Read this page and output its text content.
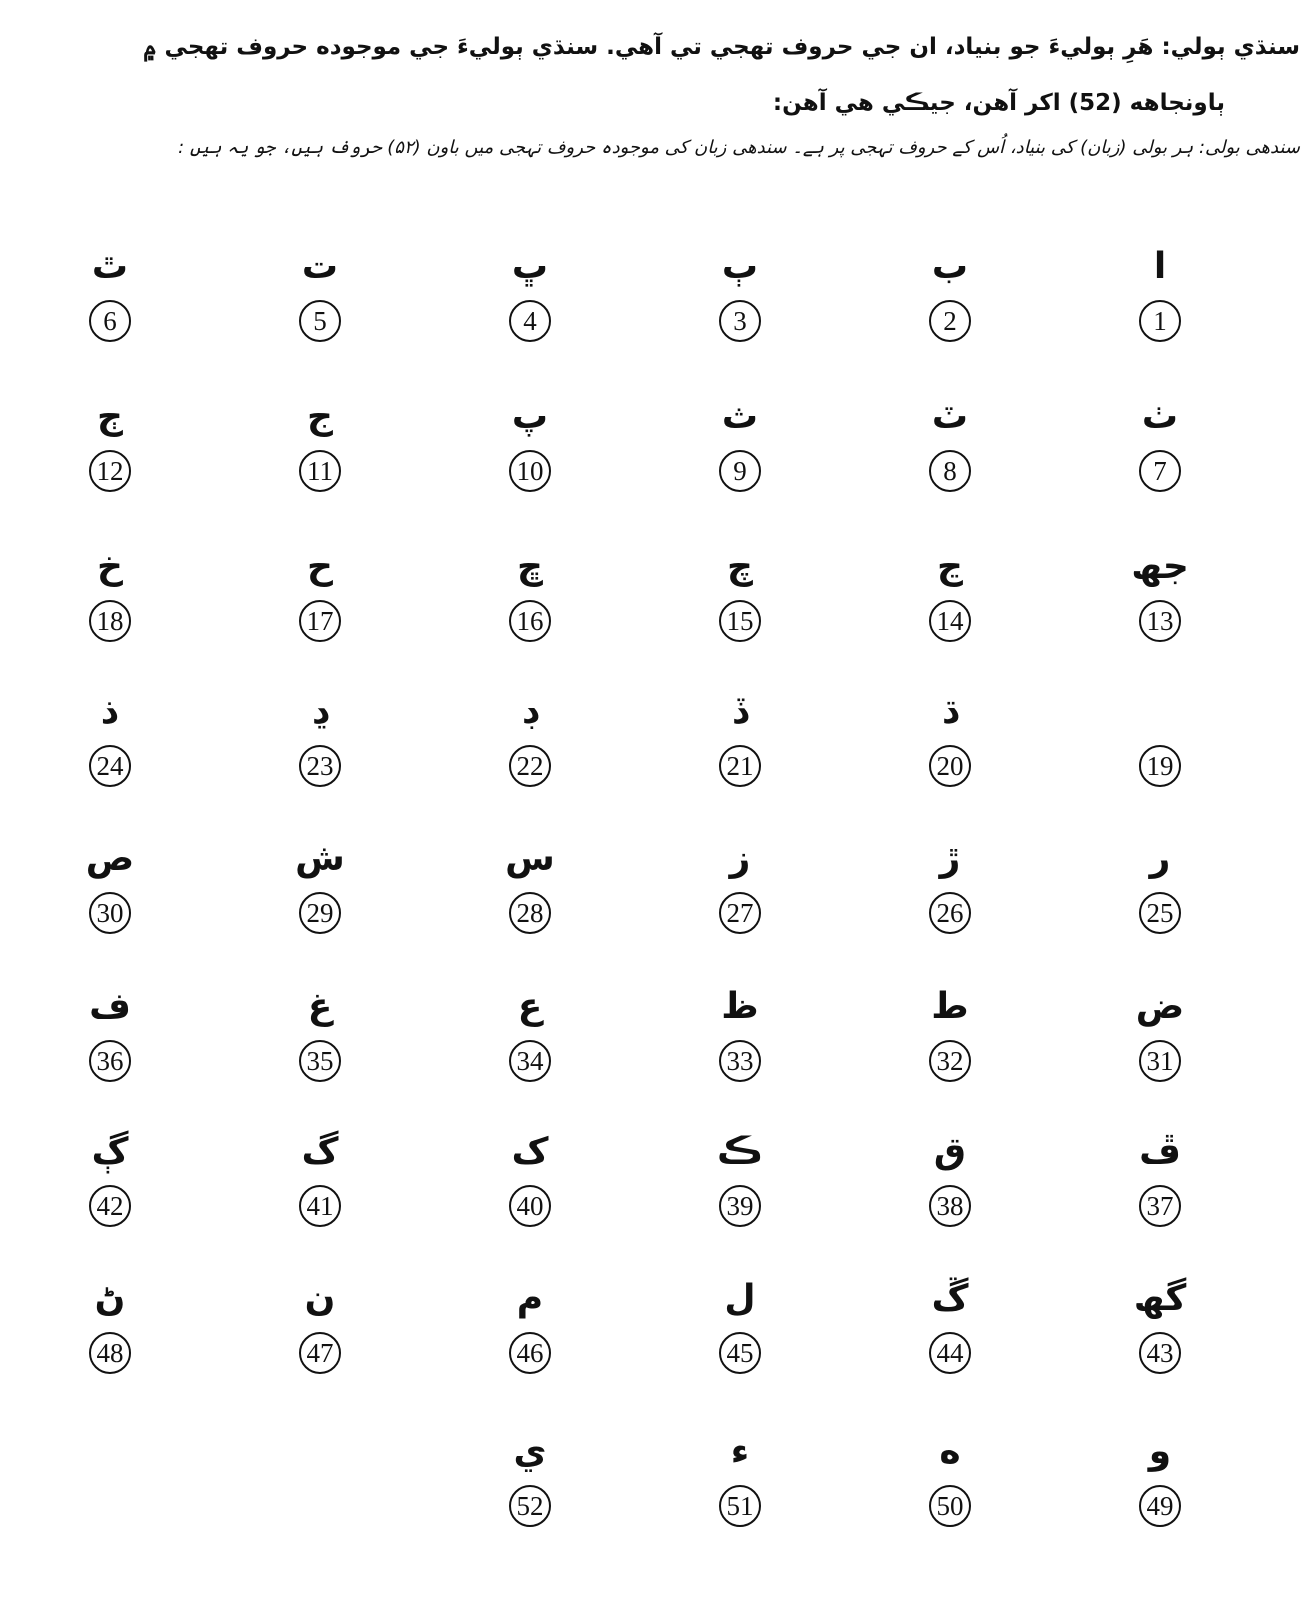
سنڌي ٻولي: هَرِ ٻوليءَ جو بنياد، ان جي حروف تهجي تي آهي. سنڌي ٻوليءَ جي موجوده حروف تهجي ۾
ٻاونجاهه (52) اکر آهن، جيڪي هي آهن:
سندھی بولی: ہر بولی (زبان) کی بنیاد، اُس کے حروف تہجی پر ہے۔ سندھی زبان کی موجودہ حروف تہجی میں باون (۵۲) حروف ہیں، جو یہ ہیں :
ا
1
ب
2
ٻ
3
ڀ
4
ت
5
ٿ
6
ٺ
7
ٽ
8
ث
9
پ
10
ج
11
ڄ
12
جھ
13
ڃ
14
چ
15
ڇ
16
ح
17
خ
18
19
ڌ
20
ڏ
21
ڊ
22
ڍ
23
ذ
24
ر
25
ڙ
26
ز
27
س
28
ش
29
ص
30
ض
31
ط
32
ظ
33
ع
34
غ
35
ف
36
ڦ
37
ق
38
ڪ
39
ک
40
گ
41
ڳ
42
گھ
43
ڱ
44
ل
45
م
46
ن
47
ڻ
48
و
49
ه
50
ء
51
ي
52
